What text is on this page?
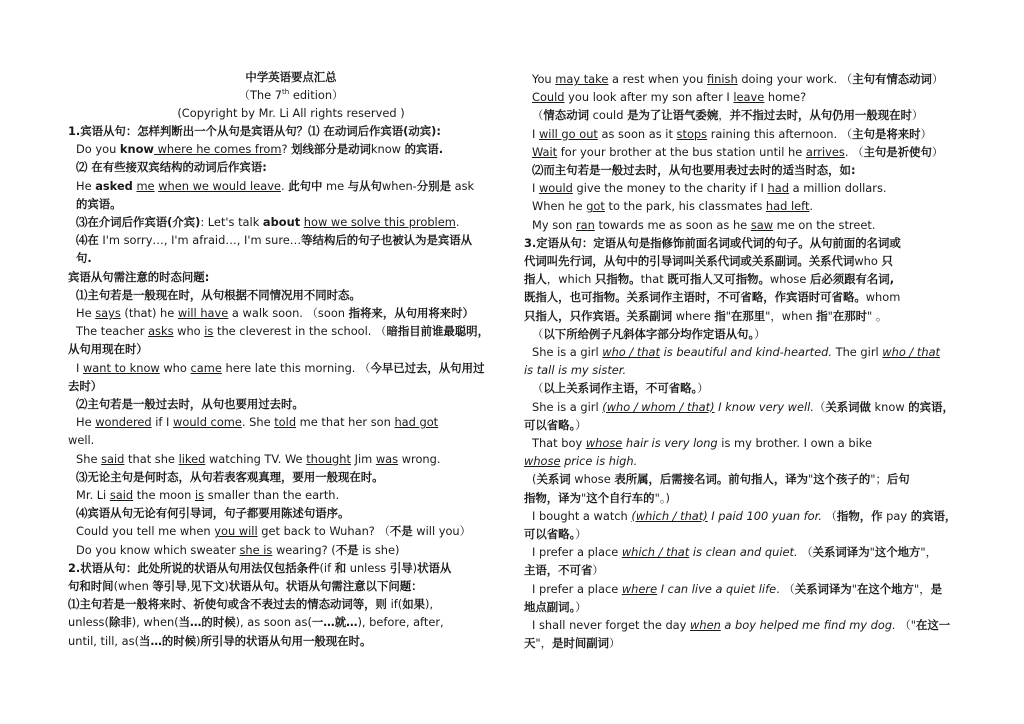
中学英语要点汇总
（The 7th edition）
(Copyright by Mr. Li All rights reserved )
1.宾语从句：怎样判断出一个从句是宾语从句？⑴ 在动词后作宾语(动宾):
Do you know where he comes from? 划线部分是动词know 的宾语.
⑵ 在有些接双宾结构的动词后作宾语:
He asked me when we would leave. 此句中 me 与从句when-分别是 ask
的宾语。
⑶在介词后作宾语(介宾): Let's talk about how we solve this problem.
⑷在 I'm sorry…, I'm afraid…, I'm sure…等结构后的句子也被认为是宾语从
句.
宾语从句需注意的时态问题:
⑴主句若是一般现在时，从句根据不同情况用不同时态。
He says (that) he will have a walk soon. （soon 指将来，从句用将来时）
The teacher asks who is the cleverest in the school. （暗指目前谁最聪明，
从句用现在时）
I want to know who came here late this morning. （今早已过去，从句用过
去时）
⑵主句若是一般过去时，从句也要用过去时。
He wondered if I would come. She told me that her son had got
well.
She said that she liked watching TV. We thought Jim was wrong.
⑶无论主句是何时态，从句若表客观真理，要用一般现在时。
Mr. Li said the moon is smaller than the earth.
⑷宾语从句无论有何引导词，句子都要用陈述句语序。
Could you tell me when you will get back to Wuhan? （不是 will you）
Do you know which sweater she is wearing? (不是 is she)
2.状语从句：此处所说的状语从句用法仅包括条件(if 和 unless 引导)状语从
句和时间(when 等引导,见下文)状语从句。状语从句需注意以下问题：
⑴主句若是一般将来时、祈使句或含不表过去的情态动词等，则 if(如果),
unless(除非), when(当…的时候), as soon as(一…就…), before, after,
until, till, as(当…的时候)所引导的状语从句用一般现在时。
You may take a rest when you finish doing your work. （主句有情态动词）
Could you look after my son after I leave home?
（情态动词 could 是为了让语气委婉，并不指过去时，从句仍用一般现在时）
I will go out as soon as it stops raining this afternoon. （主句是将来时）
Wait for your brother at the bus station until he arrives. （主句是祈使句）
⑵而主句若是一般过去时，从句也要用表过去时的适当时态，如:
I would give the money to the charity if I had a million dollars.
When he got to the park, his classmates had left.
My son ran towards me as soon as he saw me on the street.
3.定语从句：定语从句是指修饰前面名词或代词的句子。从句前面的名词或
代词叫先行词，从句中的引导词叫关系代词或关系副词。关系代词who 只
指人，which 只指物。that 既可指人又可指物。whose 后必须跟有名词,
既指人，也可指物。关系词作主语时，不可省略，作宾语时可省略。whom
只指人，只作宾语。关系副词 where 指"在那里"，when 指"在那时" 。
（以下所给例子凡斜体字部分均作定语从句。）
She is a girl who / that is beautiful and kind-hearted. The girl who / that
is tall is my sister.
（以上关系词作主语，不可省略。）
She is a girl (who / whom / that) I know very well.（关系词做 know 的宾语，
可以省略。）
That boy whose hair is very long is my brother. I own a bike
whose price is high.
(关系词 whose 表所属，后需接名词。前句指人，译为"这个孩子的"；后句
指物，译为"这个自行车的"。)
I bought a watch (which / that) I paid 100 yuan for. （指物，作 pay 的宾语，
可以省略。）
I prefer a place which / that is clean and quiet. （关系词译为"这个地方"，
主语，不可省）
I prefer a place where I can live a quiet life. （关系词译为"在这个地方"，是
地点副词。）
I shall never forget the day when a boy helped me find my dog. （"在这一
天"，是时间副词）
